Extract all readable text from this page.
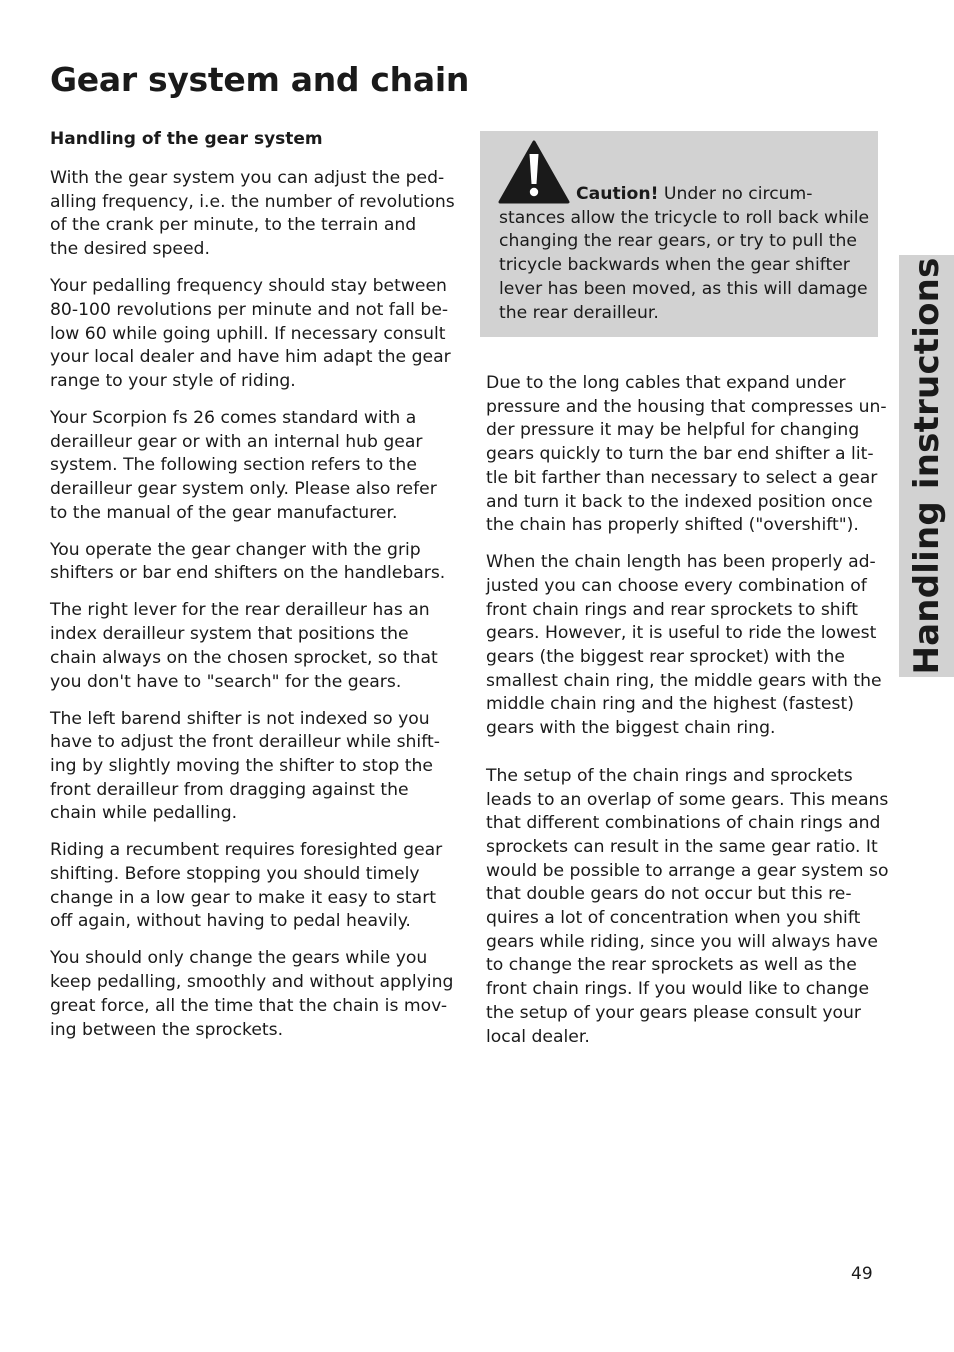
Gear system and chain
Handling of the gear system

With the gear system you can adjust the ped-
alling frequency, i.e. the number of revolutions
of the crank per minute, to the terrain and
the desired speed.

Your pedalling frequency should stay between
80-100 revolutions per minute and not fall be-
low 60 while going uphill. If necessary consult
your local dealer and have him adapt the gear
range to your style of riding.

Your Scorpion fs 26 comes standard with a
derailleur gear or with an internal hub gear
system. The following section refers to the
derailleur gear system only. Please also refer
to the manual of the gear manufacturer.

You operate the gear changer with the grip
shifters or bar end shifters on the handlebars.

The right lever for the rear derailleur has an
index derailleur system that positions the
chain always on the chosen sprocket, so that
you don't have to "search" for the gears.

The left barend shifter is not indexed so you
have to adjust the front derailleur while shift-
ing by slightly moving the shifter to stop the
front derailleur from dragging against the
chain while pedalling.

Riding a recumbent requires foresighted gear
shifting. Before stopping you should timely
change in a low gear to make it easy to start
off again, without having to pedal heavily.

You should only change the gears while you
keep pedalling, smoothly and without applying
great force, all the time that the chain is mov-
ing between the sprockets.

Caution! Under no circum-
stances allow the tricycle to roll back while
changing the rear gears, or try to pull the
tricycle backwards when the gear shifter
lever has been moved, as this will damage
the rear derailleur.

Due to the long cables that expand under
pressure and the housing that compresses un-
der pressure it may be helpful for changing
gears quickly to turn the bar end shifter a lit-
tle bit farther than necessary to select a gear
and turn it back to the indexed position once
the chain has properly shifted ("overshift").

When the chain length has been properly ad-
justed you can choose every combination of
front chain rings and rear sprockets to shift
gears. However, it is useful to ride the lowest
gears (the biggest rear sprocket) with the
smallest chain ring, the middle gears with the
middle chain ring and the highest (fastest)
gears with the biggest chain ring.

The setup of the chain rings and sprockets
leads to an overlap of some gears. This means
that different combinations of chain rings and
sprockets can result in the same gear ratio. It
would be possible to arrange a gear system so
that double gears do not occur but this re-
quires a lot of concentration when you shift
gears while riding, since you will always have
to change the rear sprockets as well as the
front chain rings. If you would like to change
the setup of your gears please consult your
local dealer.

Handling instructions
49
